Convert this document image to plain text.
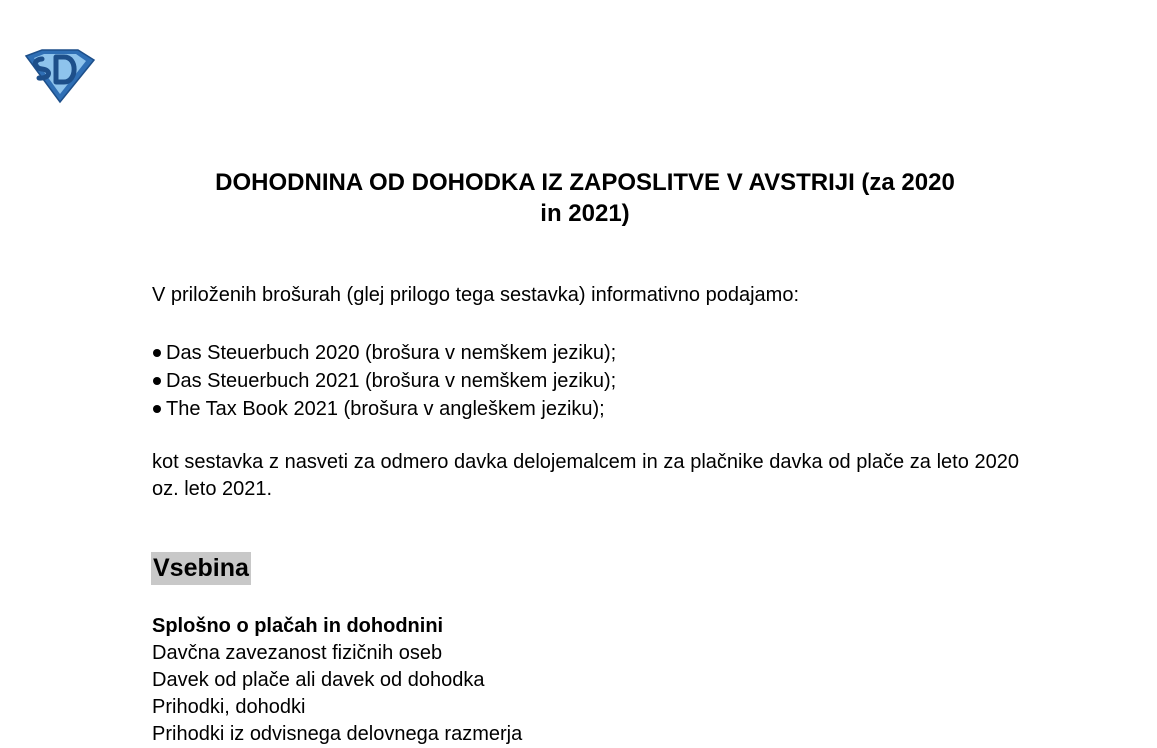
DOHODNINA OD DOHODKA IZ ZAPOSLITVE V AVSTRIJI (za 2020
in 2021)
V priloženih brošurah (glej prilogo tega sestavka) informativno podajamo:
Das Steuerbuch 2020 (brošura v nemškem jeziku);
Das Steuerbuch 2021 (brošura v nemškem jeziku);
The Tax Book 2021 (brošura v angleškem jeziku);
kot sestavka z nasveti za odmero davka delojemalcem in za plačnike davka od plače za leto 2020 oz. leto 2021.
Vsebina
Splošno o plačah in dohodnini
Davčna zavezanost fizičnih oseb
Davek od plače ali davek od dohodka
Prihodki, dohodki
Prihodki iz odvisnega delovnega razmerja
